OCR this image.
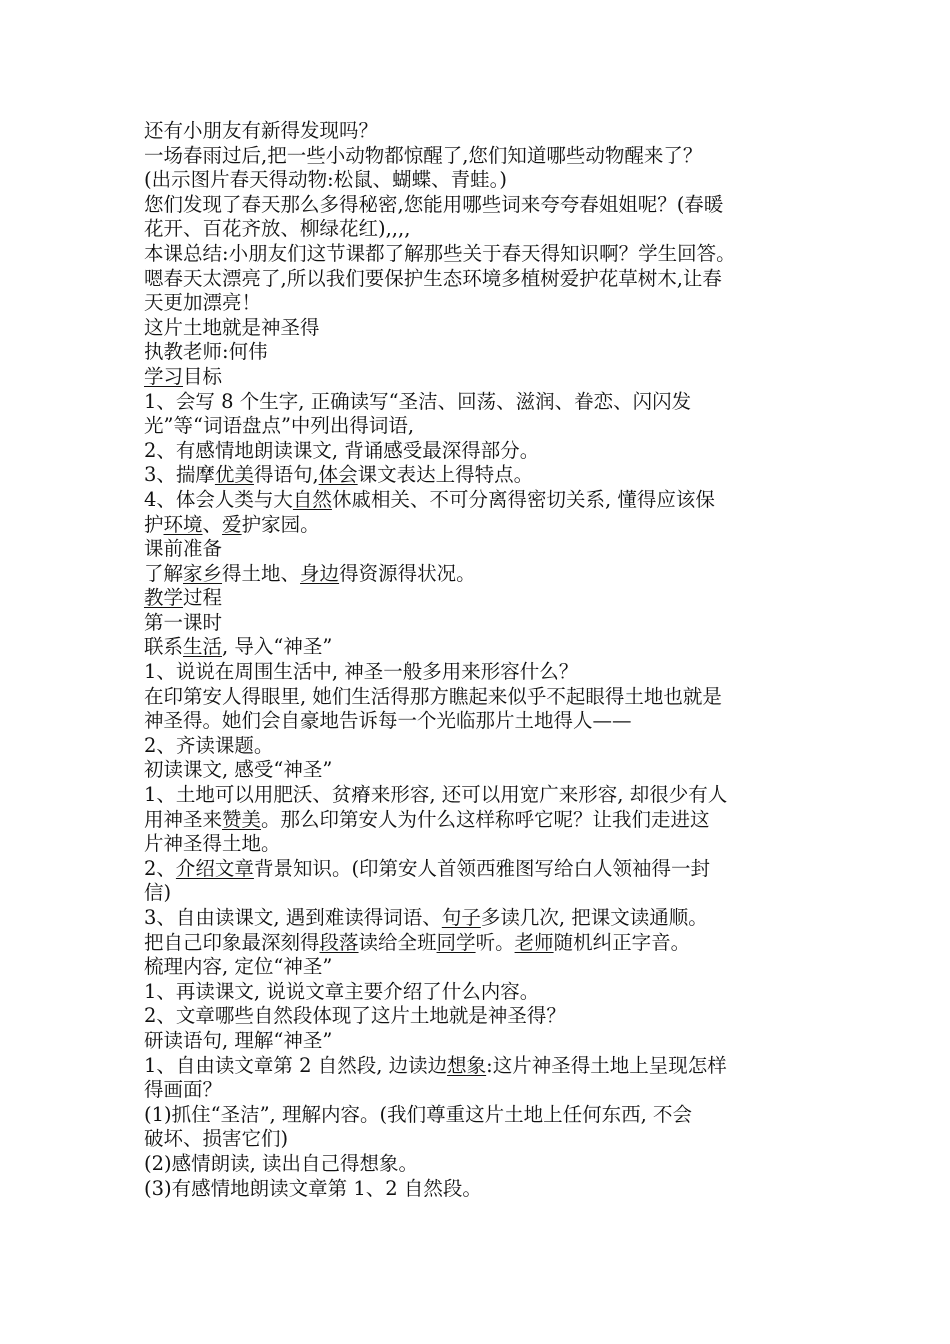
还有小朋友有新得发现吗？
一场春雨过后,把一些小动物都惊醒了,您们知道哪些动物醒来了？
(出示图片春天得动物:松鼠、蝴蝶、青蛙。)
您们发现了春天那么多得秘密,您能用哪些词来夸夸春姐姐呢？(春暖
花开、百花齐放、柳绿花红),,,,
本课总结:小朋友们这节课都了解那些关于春天得知识啊？学生回答。
嗯春天太漂亮了,所以我们要保护生态环境多植树爱护花草树木,让春
天更加漂亮！
这片土地就是神圣得
执教老师:何伟
学习目标
1、会写 8 个生字, 正确读写“圣洁、回荡、滋润、眷恋、闪闪发
光”等“词语盘点”中列出得词语,
2、有感情地朗读课文, 背诵感受最深得部分。
3、揣摩优美得语句,体会课文表达上得特点。
4、体会人类与大自然休戚相关、不可分离得密切关系, 懂得应该保
护环境、爱护家园。
课前准备
了解家乡得土地、身边得资源得状况。
教学过程
第一课时
联系生活, 导入“神圣”
1、说说在周围生活中, 神圣一般多用来形容什么？
在印第安人得眼里, 她们生活得那方瞧起来似乎不起眼得土地也就是
神圣得。她们会自豪地告诉每一个光临那片土地得人——
2、齐读课题。
初读课文, 感受“神圣”
1、土地可以用肥沃、贫瘠来形容, 还可以用宽广来形容, 却很少有人
用神圣来赞美。那么印第安人为什么这样称呼它呢？让我们走进这
片神圣得土地。
2、介绍文章背景知识。(印第安人首领西雅图写给白人领袖得一封
信)
3、自由读课文, 遇到难读得词语、句子多读几次, 把课文读通顺。
把自己印象最深刻得段落读给全班同学听。老师随机纠正字音。
梳理内容, 定位“神圣”
1、再读课文, 说说文章主要介绍了什么内容。
2、文章哪些自然段体现了这片土地就是神圣得？
研读语句, 理解“神圣”
1、自由读文章第 2 自然段, 边读边想象:这片神圣得土地上呈现怎样
得画面？
(1)抓住“圣洁”, 理解内容。(我们尊重这片土地上任何东西, 不会
破坏、损害它们)
(2)感情朗读, 读出自己得想象。
(3)有感情地朗读文章第 1、2 自然段。
